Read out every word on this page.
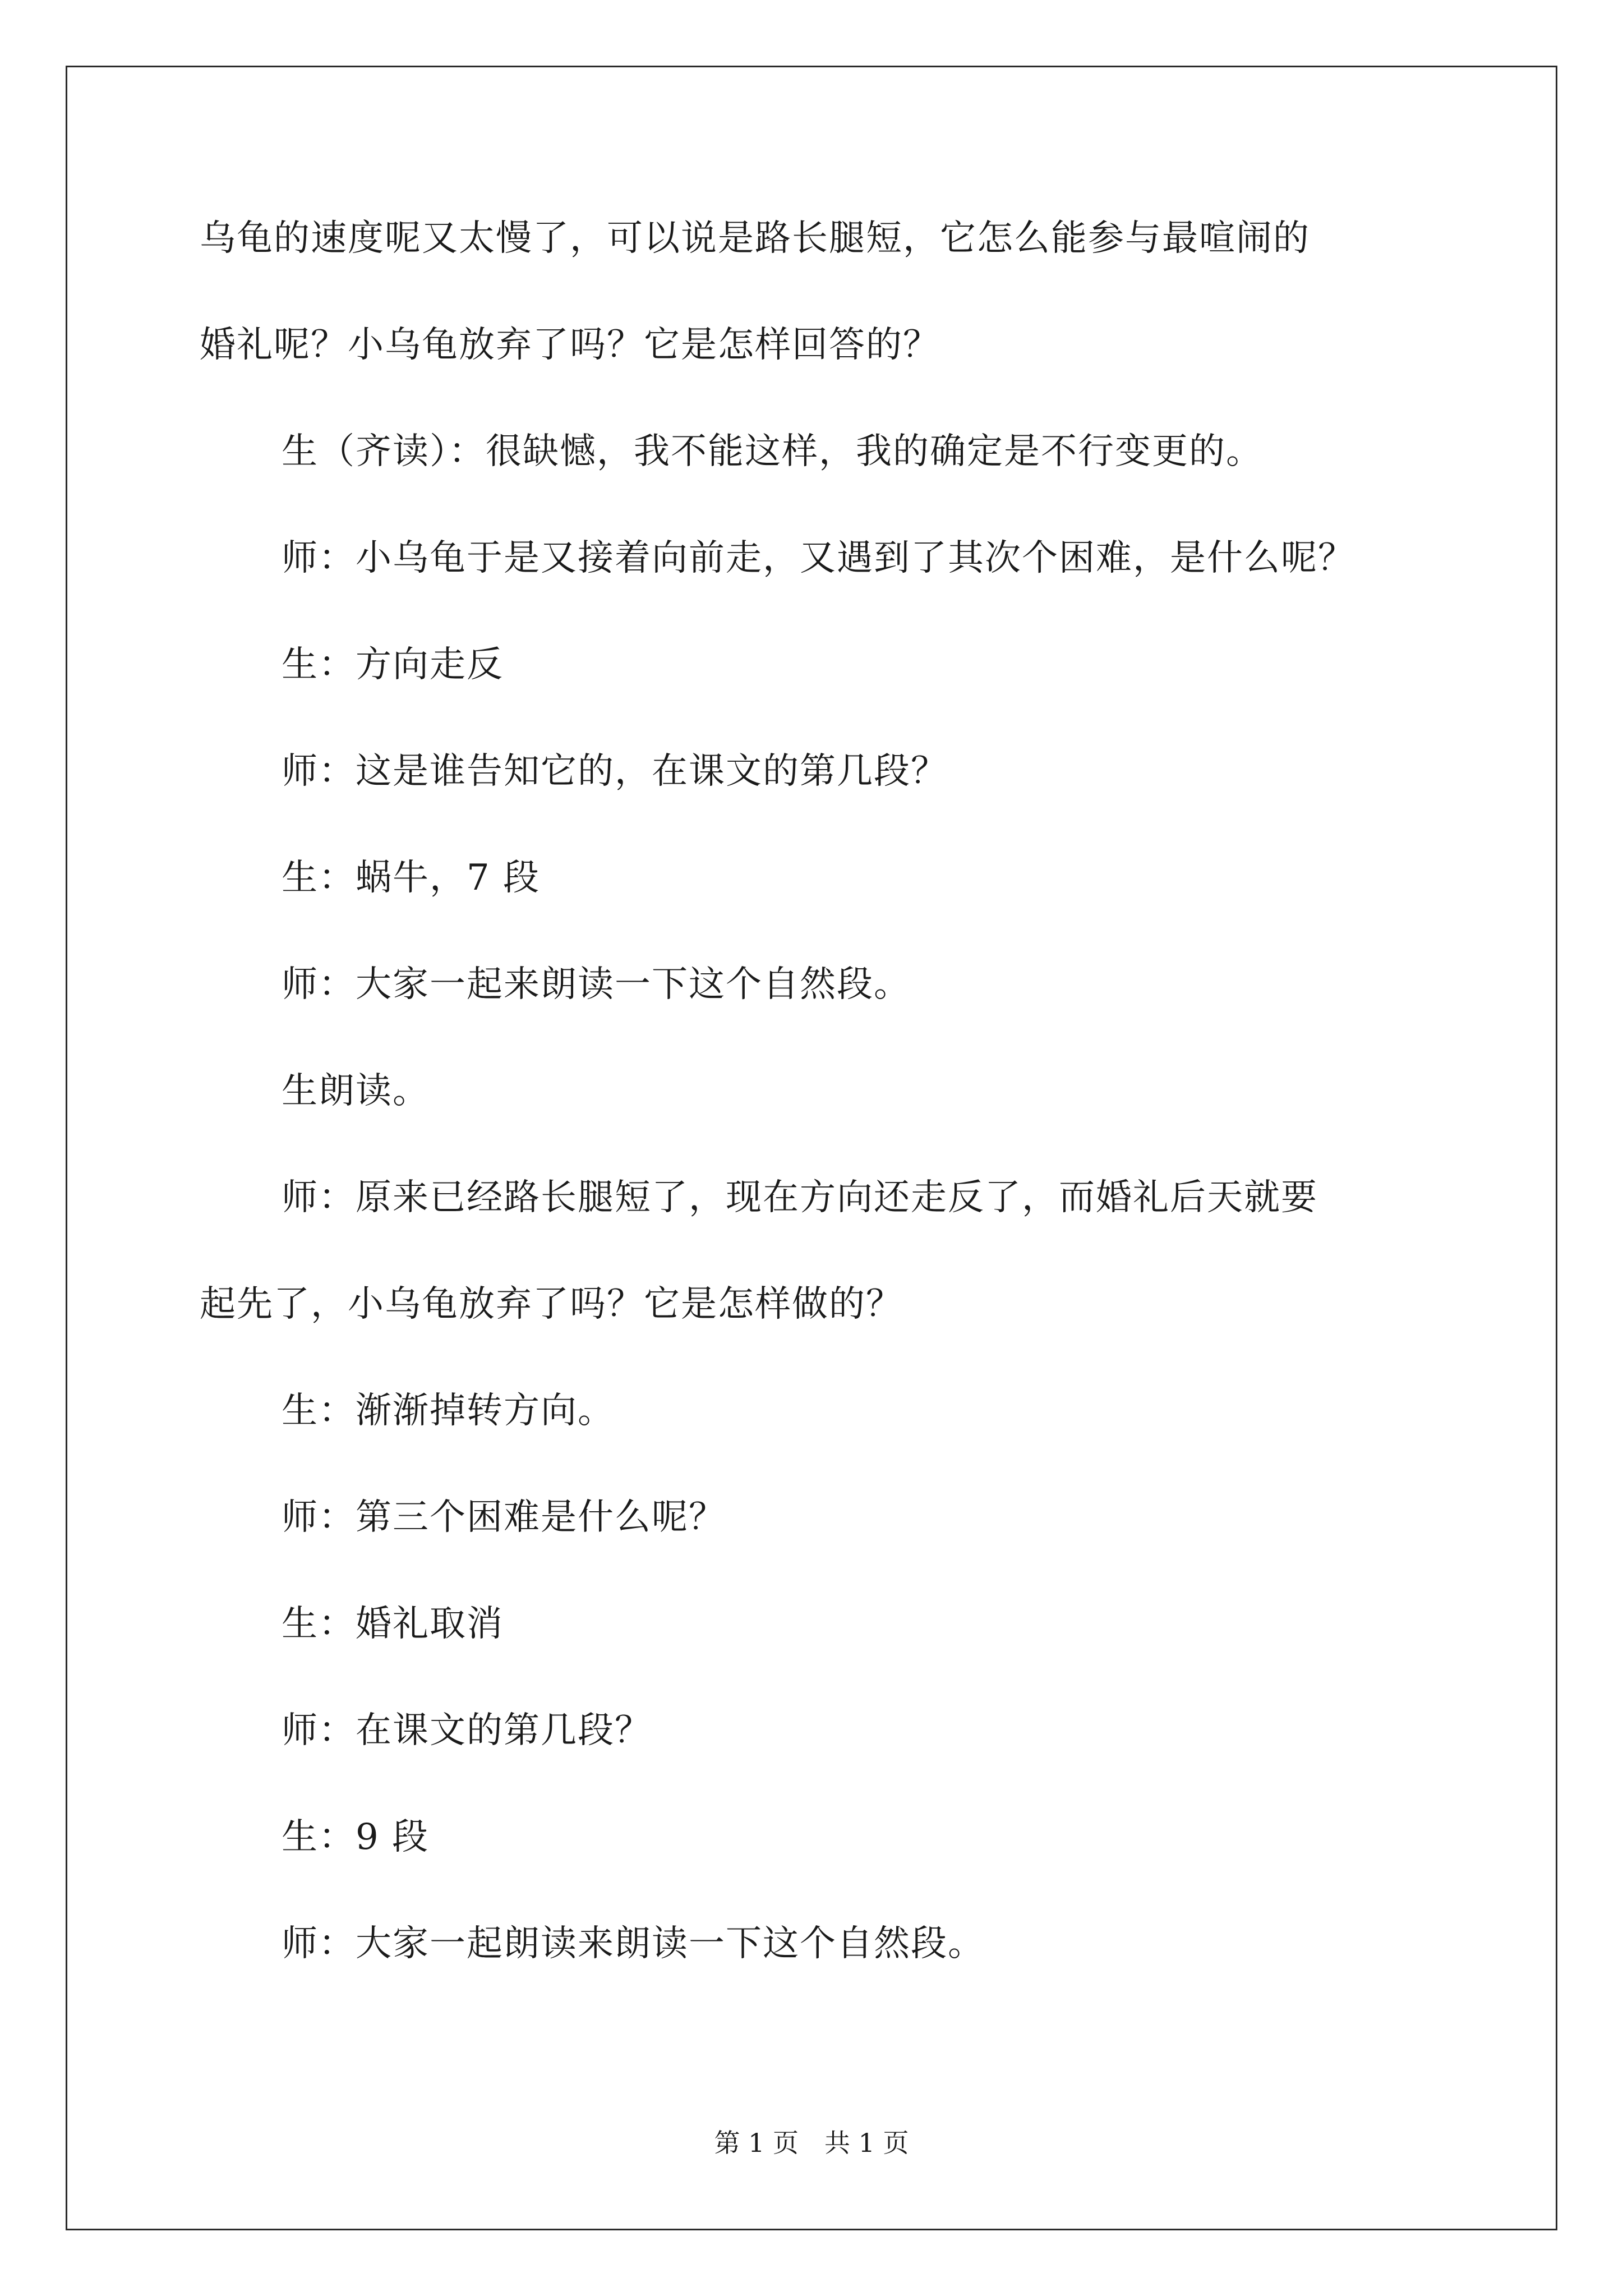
乌龟的速度呢又太慢了，可以说是路长腿短，它怎么能参与最喧闹的
婚礼呢？小乌龟放弃了吗？它是怎样回答的？
生（齐读）：很缺憾，我不能这样，我的确定是不行变更的。
师：小乌龟于是又接着向前走，又遇到了其次个困难，是什么呢？
生：方向走反
师：这是谁告知它的，在课文的第几段？
生：蜗牛，7 段
师：大家一起来朗读一下这个自然段。
生朗读。
师：原来已经路长腿短了，现在方向还走反了，而婚礼后天就要
起先了，小乌龟放弃了吗？它是怎样做的？
生：渐渐掉转方向。
师：第三个困难是什么呢？
生：婚礼取消
师：在课文的第几段？
生：9 段
师：大家一起朗读来朗读一下这个自然段。
第 1 页　共 1 页
